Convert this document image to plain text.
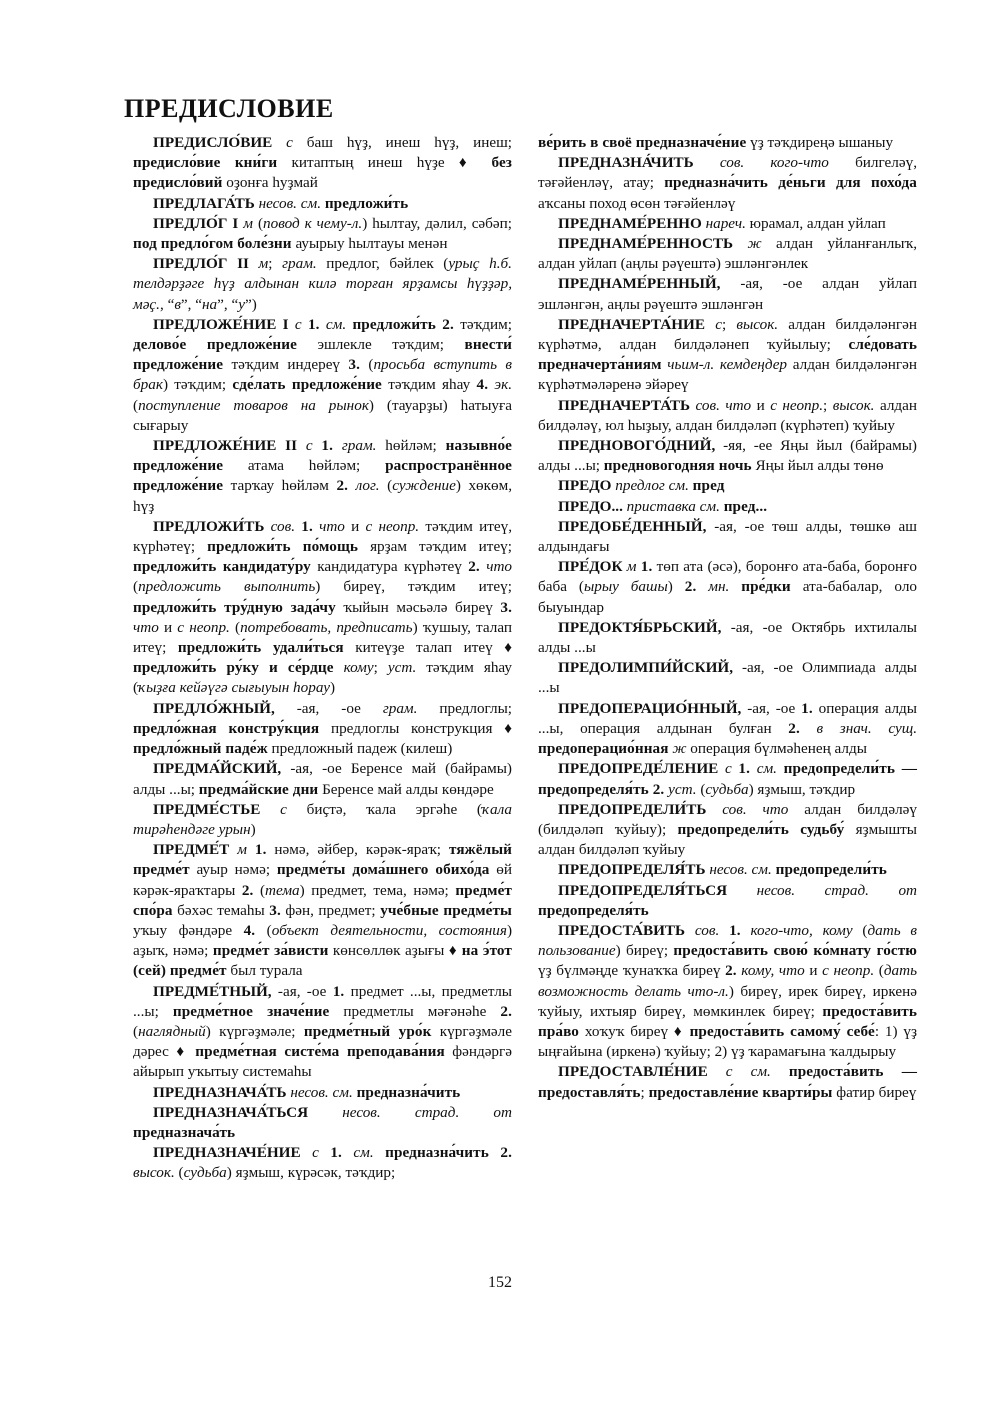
ПРЕДИСЛОВИЕ

ПРЕДИСЛО́ВИЕ с баш һүҙ, инеш һүҙ, инеш; предисло́вие кни́ги китаптың инеш һүҙе ♦ без предисло́вий оҙонға һуҙмай

ПРЕДЛАГА́ТЬ несов. см. предложи́ть

ПРЕДЛО́Г I м (повод к чему-л.) һылтау, дәлил, сәбәп; под предло́гом боле́зни ауырыу һылтауы менән

ПРЕДЛО́Г II м; грам. предлог, бәйлек (урыҫ һ.б. телдәрҙәге һүҙ алдынан килә торған ярҙамсы һүҙҙәр, мәҫ., “в”, “на”, “у”)

ПРЕДЛОЖЕ́НИЕ I с 1. см. предложи́ть 2. тәҡдим; делово́е предложе́ние эшлекле тәҡдим; внести́ предложе́ние тәҡдим индереү 3. (просьба вступить в брак) тәҡдим; сде́лать предложе́ние тәҡдим яһау 4. эк. (поступление товаров на рынок) (тауарҙы) һатыуға сығарыу

ПРЕДЛОЖЕ́НИЕ II с 1. грам. һөйләм; назывно́е предложе́ние атама һөйләм; распространённое предложе́ние тарҡау һөйләм 2. лог. (суждение) хөкөм, һүҙ

ПРЕДЛОЖИ́ТЬ сов. 1. что и с неопр. тәҡдим итеү, күрһәтеү; предложи́ть по́мощь ярҙам тәҡдим итеү; предложи́ть кандидату́ру кандидатура күрһәтеү 2. что (предложить выполнить) биреү, тәҡдим итеү; предложи́ть тру́дную зада́чу ҡыйын мәсьәлә биреү 3. что и с неопр. (потребовать, предписать) ҡушыу, талап итеү; предложи́ть удали́ться китеүҙе талап итеү ♦ предложи́ть ру́ку и се́рдце кому; уст. тәҡдим яһау (ҡыҙға кейәүгә сығыуын һорау)

ПРЕДЛО́ЖНЫЙ, -ая, -ое грам. предлоглы; предло́жная констру́кция предлоглы конструкция ♦ предло́жный паде́ж предложный падеж (килеш)

ПРЕДМА́ЙСКИЙ, -ая, -ое Беренсе май (байрамы) алды ...ы; предма́йские дни Беренсе май алды көндәре

ПРЕДМЕ́СТЬЕ с биҫтә, ҡала эргәһе (ҡала тирәһендәге урын)

ПРЕДМЕ́Т м 1. нәмә, әйбер, кәрәк-яраҡ; тяжёлый предме́т ауыр нәмә; предме́ты дома́шнего обихо́да өй кәрәк-яраҡтары 2. (тема) предмет, тема, нәмә; предме́т спо́ра бәхәс темаһы 3. фән, предмет; уче́бные предме́ты уҡыу фәндәре 4. (объект деятельности, состояния) аҙыҡ, нәмә; предме́т за́висти көнсөллөк аҙығы ♦ на э́тот (сей) предме́т был турала

ПРЕДМЕ́ТНЫЙ, -ая, -ое 1. предмет ...ы, предметлы ...ы; предме́тное значе́ние предметлы мәғәнәһе 2. (наглядный) күргәҙмәле; предме́тный уро́к күргәҙмәле дәрес ♦ предме́тная систе́ма преподава́ния фәндәргә айырып уҡытыу системаһы

ПРЕДНАЗНАЧА́ТЬ несов. см. предназна́чить

ПРЕДНАЗНАЧА́ТЬСЯ несов. страд. от предназнача́ть

ПРЕДНАЗНАЧЕ́НИЕ с 1. см. предназна́чить 2. высок. (судьба) яҙмыш, күрәсәк, тәҡдир;

ве́рить в своё предназначе́ние үҙ тәҡдиреңә ышаныу

ПРЕДНАЗНА́ЧИТЬ сов. кого-что билгеләү, тәғәйенләү, атау; предназна́чить де́ньги для похо́да аҡсаны поход өсөн тәғәйенләү

ПРЕДНАМЕ́РЕННО нареч. юрамал, алдан уйлап

ПРЕДНАМЕ́РЕННОСТЬ ж алдан уйланғанлыҡ, алдан уйлап (аңлы рәүештә) эшләнгәнлек

ПРЕДНАМЕ́РЕННЫЙ, -ая, -ое алдан уйлап эшләнгән, аңлы рәүештә эшләнгән

ПРЕДНАЧЕРТА́НИЕ с; высок. алдан билдәләнгән күрһәтмә, алдан билдәләнеп ҡуйылыу; сле́довать предначерта́ниям чьим-л. кемдеңдер алдан билдәләнгән күрһәтмәләренә эйәреү

ПРЕДНАЧЕРТА́ТЬ сов. что и с неопр.; высок. алдан билдәләү, юл һыҙыу, алдан билдәләп (күрһәтеп) ҡуйыу

ПРЕДНОВОГО́ДНИЙ, -яя, -ее Яңы йыл (байрамы) алды ...ы; предновогодняя ночь Яңы йыл алды төнө

ПРЕДО предлог см. пред

ПРЕДО... приставка см. пред...

ПРЕДОБЕ́ДЕННЫЙ, -ая, -ое төш алды, төшкө аш алдындағы

ПРЕ́ДОК м 1. төп ата (әсә), боронғо ата-баба, боронғо баба (ырыу башы) 2. мн. пре́дки ата-бабалар, оло быуындар

ПРЕДОКТЯ́БРЬСКИЙ, -ая, -ое Октябрь ихтилалы алды ...ы

ПРЕДОЛИМПИ́ЙСКИЙ, -ая, -ое Олимпиада алды ...ы

ПРЕДОПЕРАЦИО́ННЫЙ, -ая, -ое 1. операция алды ...ы, операция алдынан булған 2. в знач. сущ. предоперацио́нная ж операция бүлмәһенең алды

ПРЕДОПРЕДЕ́ЛЕНИЕ с 1. см. предопредели́ть — предопределя́ть 2. уст. (судьба) яҙмыш, тәҡдир

ПРЕДОПРЕДЕЛИ́ТЬ сов. что алдан билдәләү (билдәләп ҡуйыу); предопредели́ть судьбу́ яҙмышты алдан билдәләп ҡуйыу

ПРЕДОПРЕДЕЛЯ́ТЬ несов. см. предопредели́ть

ПРЕДОПРЕДЕЛЯ́ТЬСЯ несов. страд. от предопределя́ть

ПРЕДОСТА́ВИТЬ сов. 1. кого-что, кому (дать в пользование) биреү; предоста́вить свою́ ко́мнату го́стю үҙ бүлмәңде ҡунаҡҡа биреү 2. кому, что и с неопр. (дать возможность делать что-л.) биреү, ирек биреү, иркенә ҡуйыу, ихтыяр биреү, мөмкинлек биреү; предоста́вить пра́во хоҡуҡ биреү ♦ предоста́вить самому́ себе́: 1) үҙ ыңғайына (иркенә) ҡуйыу; 2) үҙ ҡарамағына ҡалдырыу

ПРЕДОСТАВЛЕ́НИЕ с см. предоста́вить — предоставля́ть; предоставле́ние кварти́ры фатир биреү

152
